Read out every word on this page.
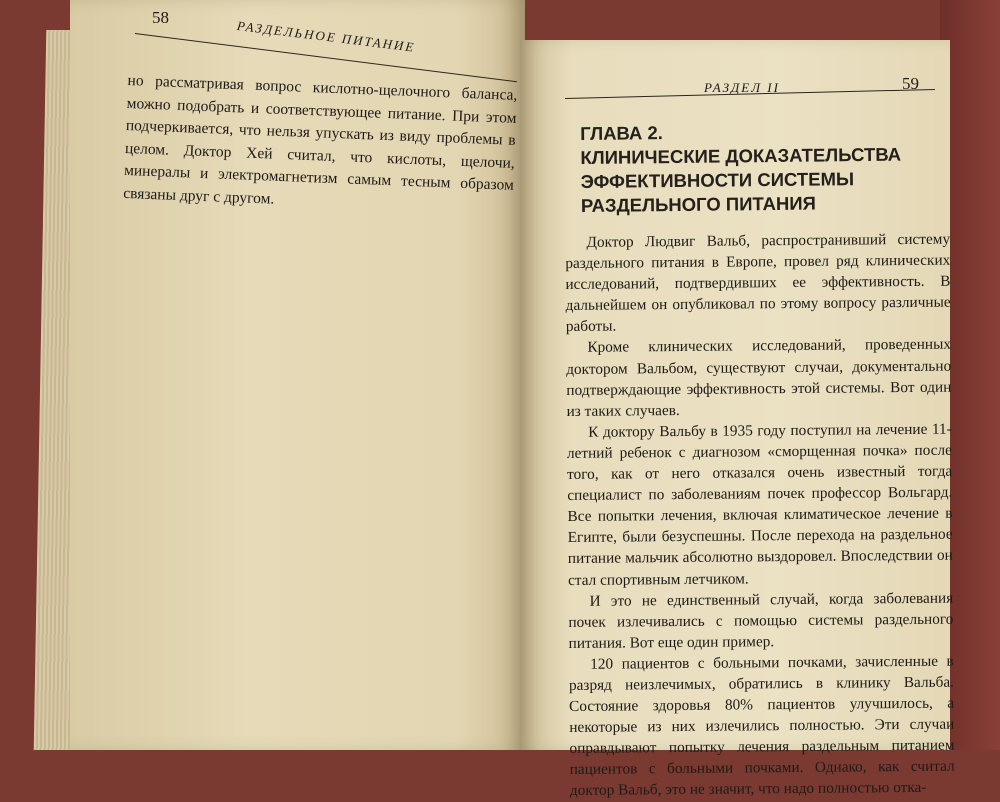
58
РАЗДЕЛЬНОЕ ПИТАНИЕ

но рассматривая вопрос кислотно-щелочного баланса, можно подобрать и соответствующее питание. При этом подчеркивается, что нельзя упускать из виду проблемы в целом. Доктор Хей считал, что кислоты, щелочи, минералы и электромагнетизм самым тесным образом связаны друг с другом.

РАЗДЕЛ II	59
ГЛАВА 2.
КЛИНИЧЕСКИЕ ДОКАЗАТЕЛЬСТВА
ЭФФЕКТИВНОСТИ СИСТЕМЫ
РАЗДЕЛЬНОГО ПИТАНИЯ

Доктор Людвиг Вальб, распространивший систему раздельного питания в Европе, провел ряд клинических исследований, подтвердивших ее эффективность. В дальнейшем он опубликовал по этому вопросу различные работы.

Кроме клинических исследований, проведенных доктором Вальбом, существуют случаи, документально подтверждающие эффективность этой системы. Вот один из таких случаев.

К доктору Вальбу в 1935 году поступил на лечение 11-летний ребенок с диагнозом «сморщенная почка» после того, как от него отказался очень известный тогда специалист по заболеваниям почек профессор Вольгард. Все попытки лечения, включая климатическое лечение в Египте, были безуспешны. После перехода на раздельное питание мальчик абсолютно выздоровел. Впоследствии он стал спортивным летчиком.

И это не единственный случай, когда заболевания почек излечивались с помощью системы раздельного питания. Вот еще один пример.

120 пациентов с больными почками, зачисленные в разряд неизлечимых, обратились в клинику Вальба. Состояние здоровья 80% пациентов улучшилось, а некоторые из них излечились полностью. Эти случаи оправдывают попытку лечения раздельным питанием пациентов с больными почками. Однако, как считал доктор Вальб, это не значит, что надо полностью отка-
